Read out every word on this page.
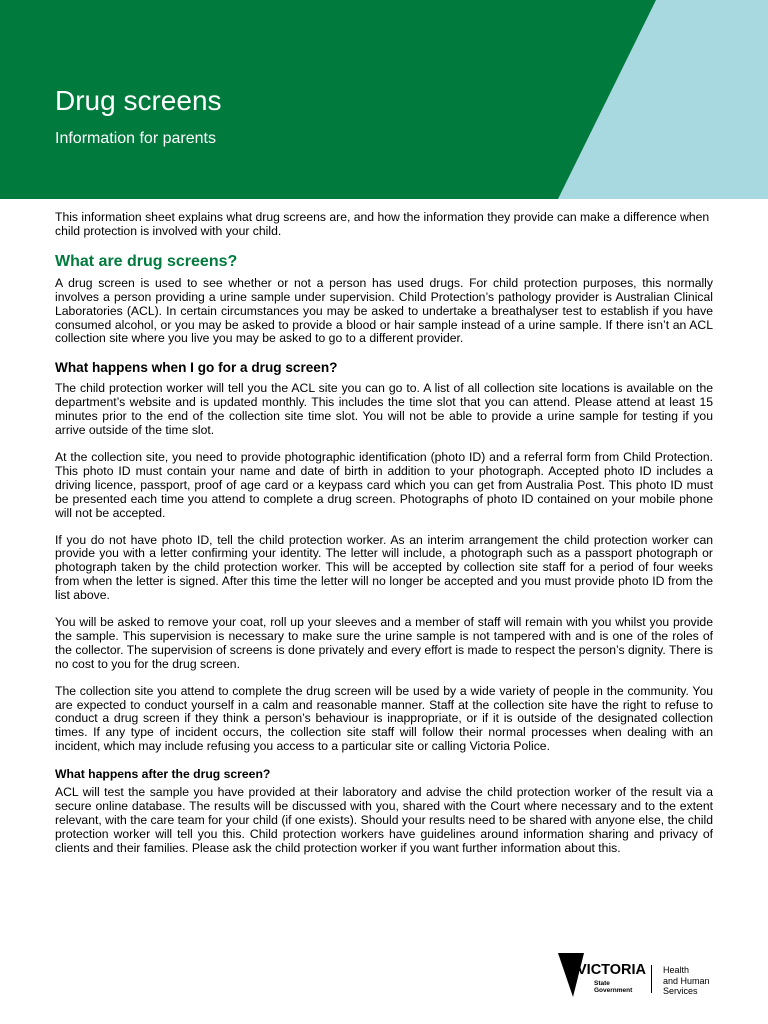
Drug screens
Information for parents

This information sheet explains what drug screens are, and how the information they provide can make a difference when child protection is involved with your child.

What are drug screens?

A drug screen is used to see whether or not a person has used drugs. For child protection purposes, this normally involves a person providing a urine sample under supervision. Child Protection’s pathology provider is Australian Clinical Laboratories (ACL). In certain circumstances you may be asked to undertake a breathalyser test to establish if you have consumed alcohol, or you may be asked to provide a blood or hair sample instead of a urine sample. If there isn’t an ACL collection site where you live you may be asked to go to a different provider.

What happens when I go for a drug screen?

The child protection worker will tell you the ACL site you can go to. A list of all collection site locations is available on the department’s website and is updated monthly. This includes the time slot that you can attend. Please attend at least 15 minutes prior to the end of the collection site time slot. You will not be able to provide a urine sample for testing if you arrive outside of the time slot.

At the collection site, you need to provide photographic identification (photo ID) and a referral form from Child Protection. This photo ID must contain your name and date of birth in addition to your photograph. Accepted photo ID includes a driving licence, passport, proof of age card or a keypass card which you can get from Australia Post. This photo ID must be presented each time you attend to complete a drug screen. Photographs of photo ID contained on your mobile phone will not be accepted.

If you do not have photo ID, tell the child protection worker. As an interim arrangement the child protection worker can provide you with a letter confirming your identity. The letter will include, a photograph such as a passport photograph or photograph taken by the child protection worker. This will be accepted by collection site staff for a period of four weeks from when the letter is signed. After this time the letter will no longer be accepted and you must provide photo ID from the list above.

You will be asked to remove your coat, roll up your sleeves and a member of staff will remain with you whilst you provide the sample. This supervision is necessary to make sure the urine sample is not tampered with and is one of the roles of the collector. The supervision of screens is done privately and every effort is made to respect the person’s dignity. There is no cost to you for the drug screen.

The collection site you attend to complete the drug screen will be used by a wide variety of people in the community. You are expected to conduct yourself in a calm and reasonable manner. Staff at the collection site have the right to refuse to conduct a drug screen if they think a person’s behaviour is inappropriate, or if it is outside of the designated collection times. If any type of incident occurs, the collection site staff will follow their normal processes when dealing with an incident, which may include refusing you access to a particular site or calling Victoria Police.

What happens after the drug screen?

ACL will test the sample you have provided at their laboratory and advise the child protection worker of the result via a secure online database. The results will be discussed with you, shared with the Court where necessary and to the extent relevant, with the care team for your child (if one exists). Should your results need to be shared with anyone else, the child protection worker will tell you this. Child protection workers have guidelines around information sharing and privacy of clients and their families. Please ask the child protection worker if you want further information about this.

VICTORIA
State
Government
Health
and Human
Services
